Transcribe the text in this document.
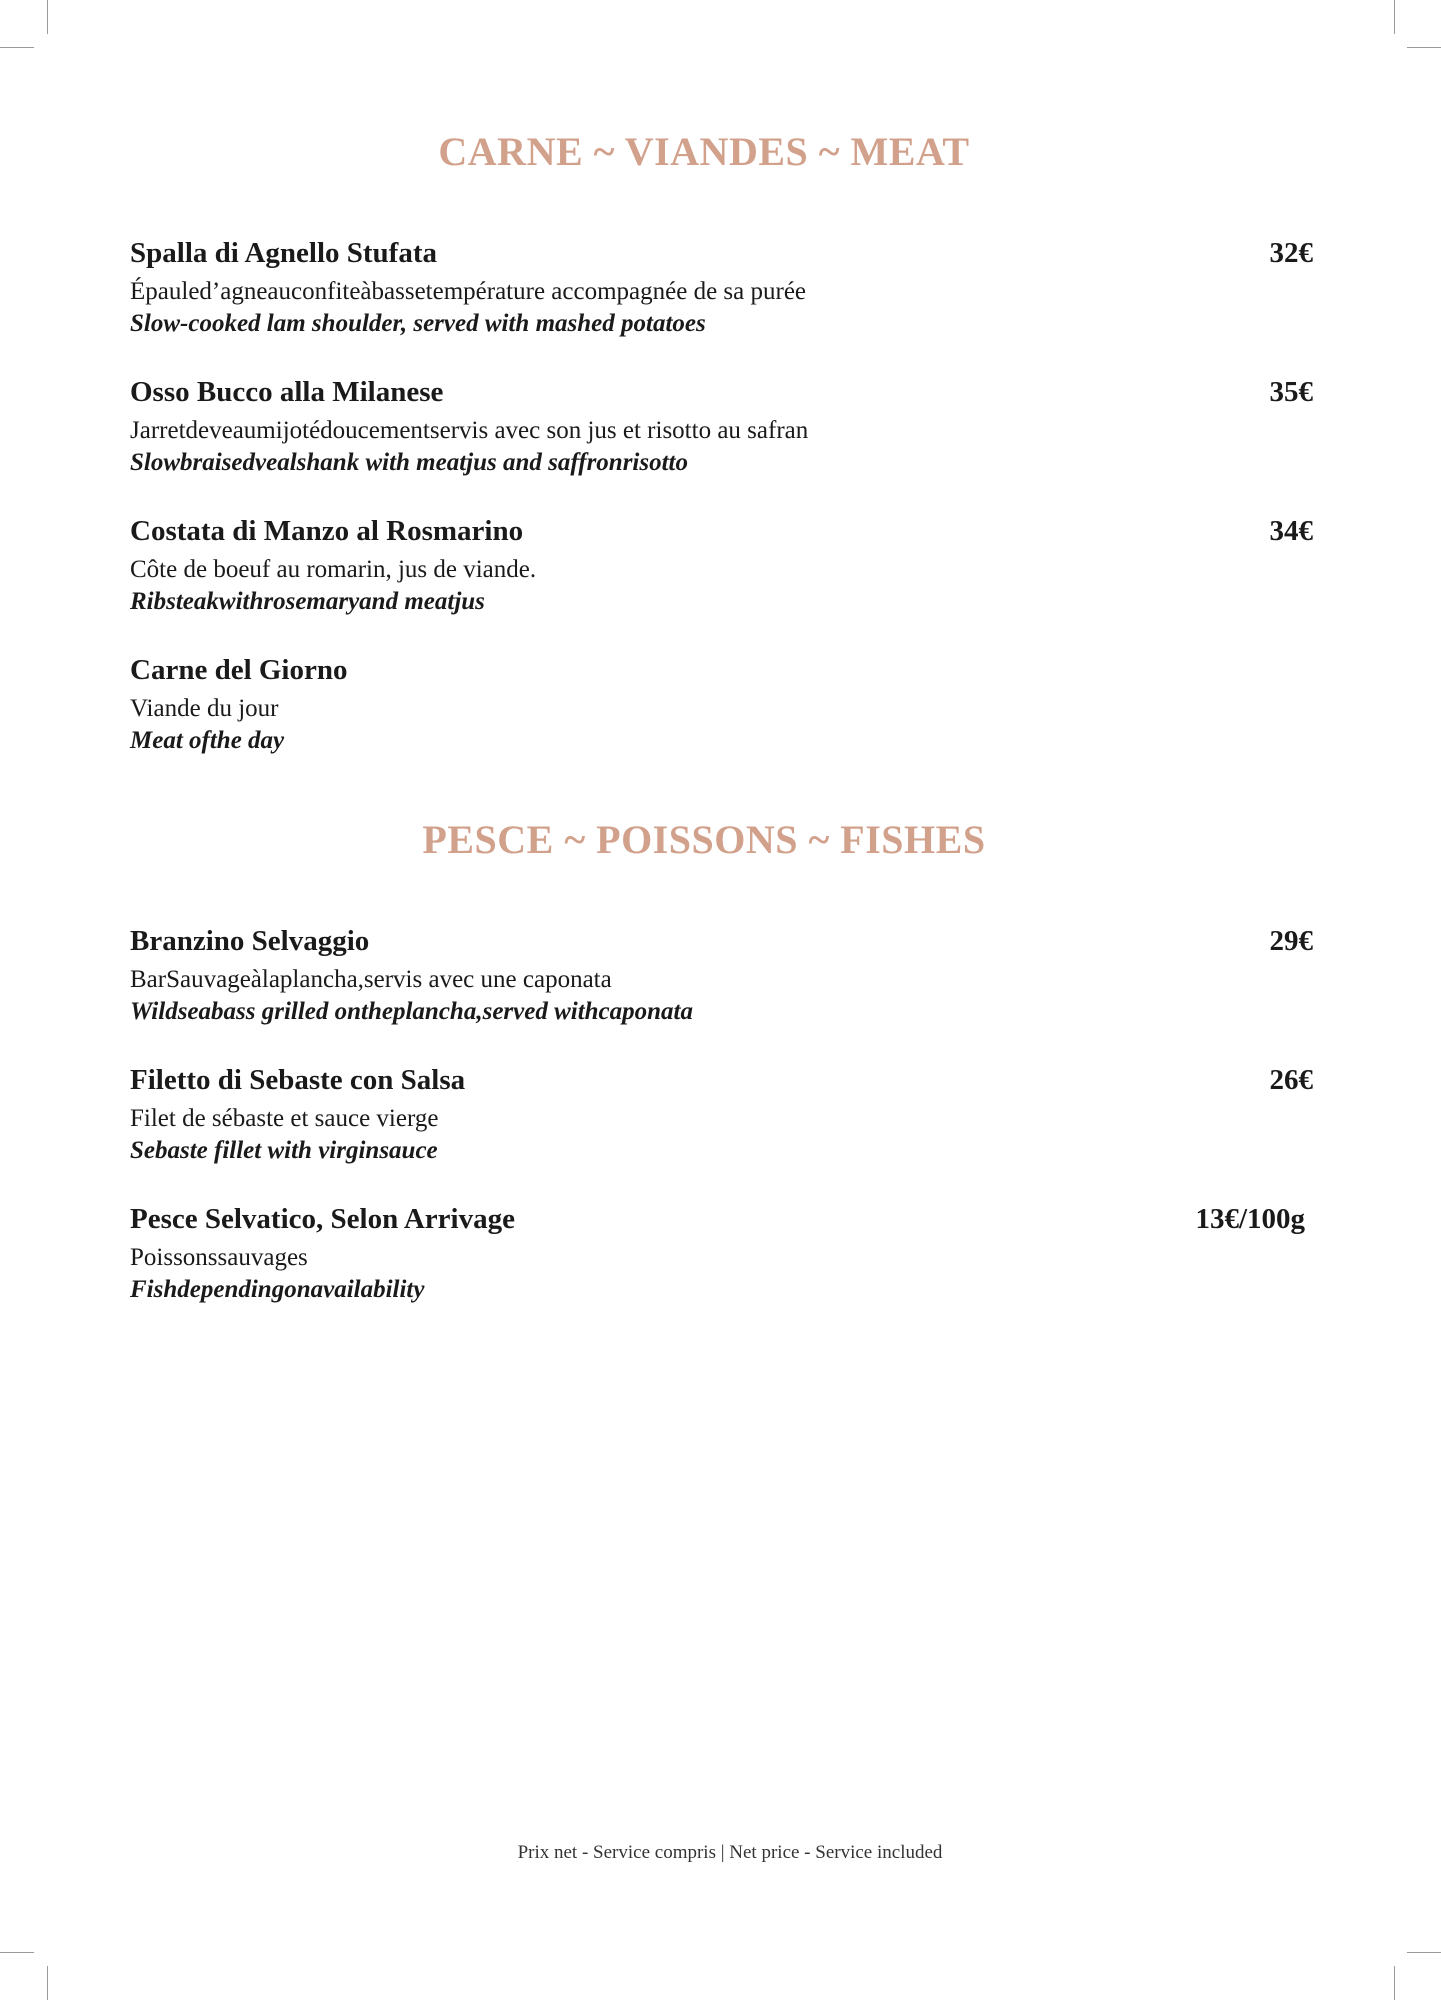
CARNE ~ VIANDES ~ MEAT
Spalla di Agnello Stufata	32€
Épauled’agneauconfiteàbassetempérature accompagnée de sa purée
Slow-cooked lam shoulder, served with mashed potatoes
Osso Bucco alla Milanese	35€
Jarretdeveaumijotédoucementservis avec son jus et risotto au safran
Slowbraisedvealshank with meatjus and saffronrisotto
Costata di Manzo al Rosmarino	34€
Côte de boeuf au romarin, jus de viande.
Ribsteakwithrosemaryand meatjus
Carne del Giorno
Viande du jour
Meat ofthe day
PESCE ~ POISSONS ~ FISHES
Branzino Selvaggio	29€
BarSauvageàlaplancha,servis avec une caponata
Wildseabass grilled ontheplancha,served withcaponata
Filetto di Sebaste con Salsa	26€
Filet de sébaste et sauce vierge
Sebaste fillet with virginsauce
Pesce Selvatico, Selon Arrivage	13€/100g
Poissonssauvages
Fishdependingonavailability
Prix net - Service compris | Net price - Service included
